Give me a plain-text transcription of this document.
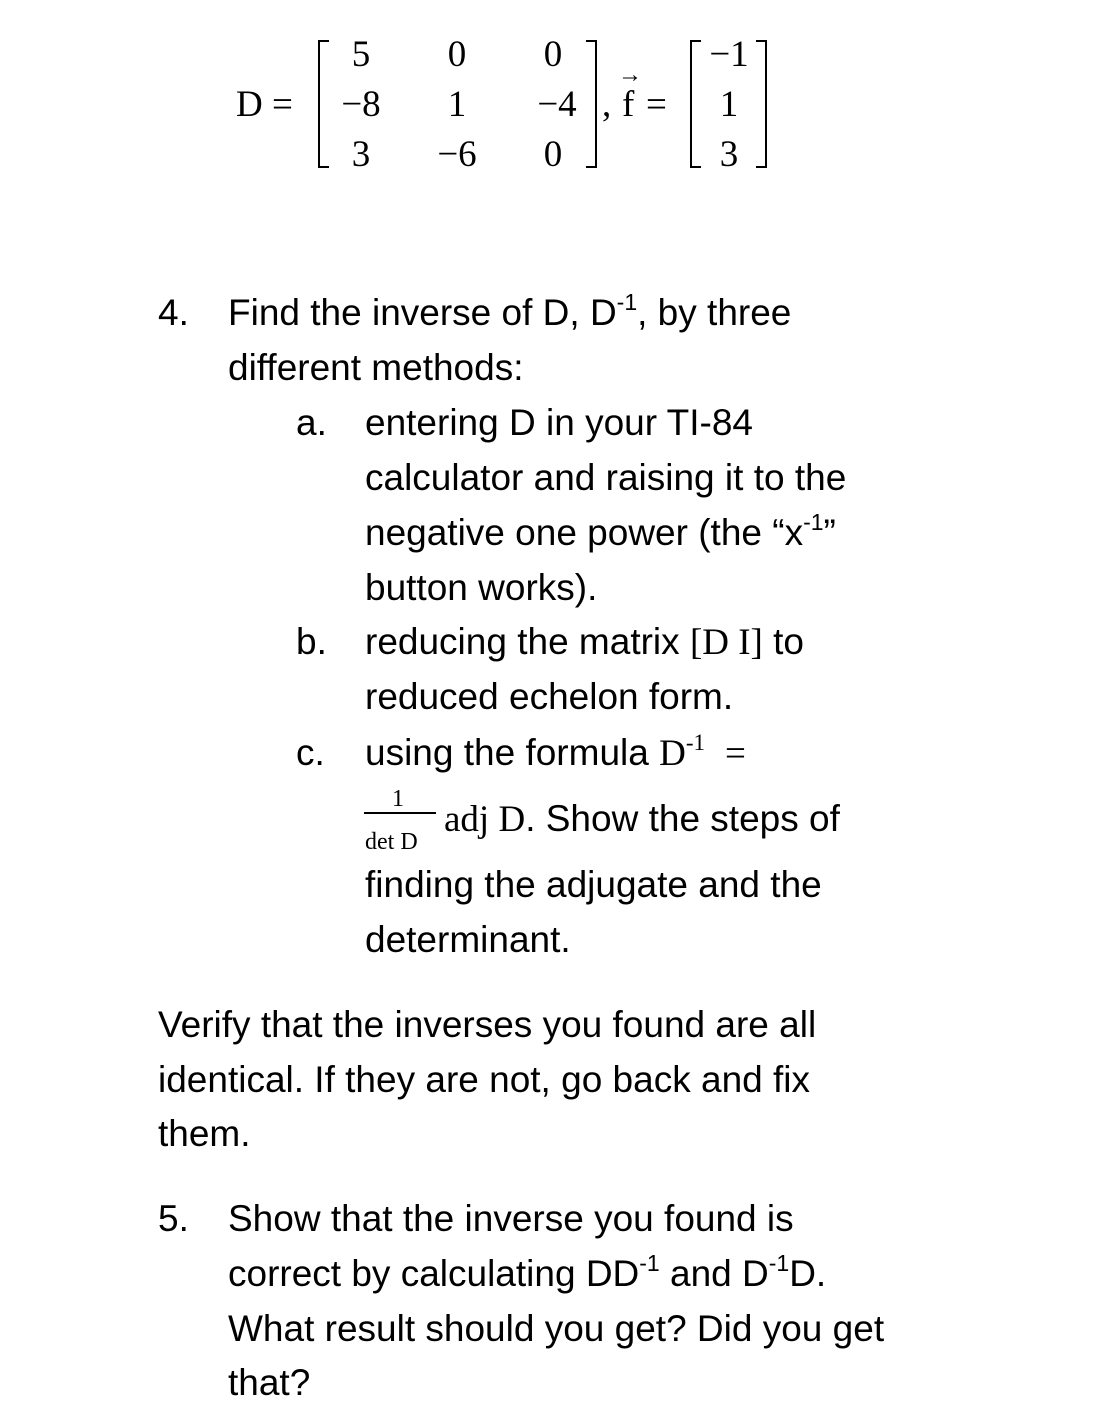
D =
5	0	0
−8	1	−4
3	−6	0
,
→
f =
−1
1
3
4. Find the inverse of D, $D^{-1}$, by three
different methods:
a. entering D in your TI-84
calculator and raising it to the
negative one power (the “$x^{-1}$”
button works).
b. reducing the matrix [D I] to
reduced echelon form.
c. using the formula $D^{-1}$ =
1
det D
adj D. Show the steps of
finding the adjugate and the
determinant.
Verify that the inverses you found are all
identical. If they are not, go back and fix
them.
5. Show that the inverse you found is
correct by calculating $DD^{-1}$ and $D^{-1}D$.
What result should you get? Did you get
that?
